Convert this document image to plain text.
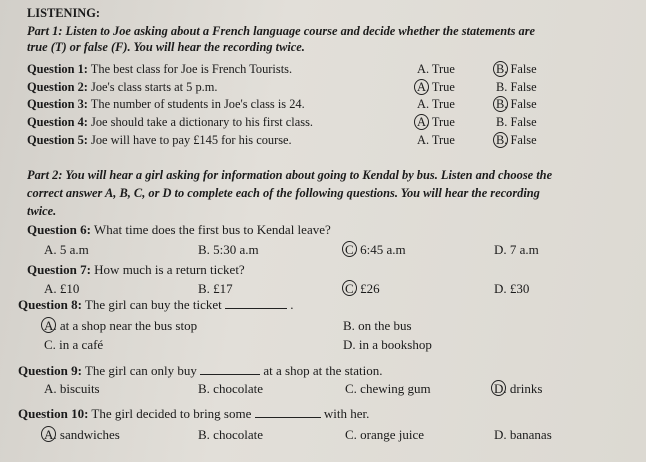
LISTENING:
Part 1: Listen to Joe asking about a French language course and decide whether the statements are
true (T) or false (F). You will hear the recording twice.
Question 1: The best class for Joe is French Tourists.	A. True	B. False
Question 2: Joe's class starts at 5 p.m.	A. True	B. False
Question 3: The number of students in Joe's class is 24.	A. True	B. False
Question 4: Joe should take a dictionary to his first class.	A. True	B. False
Question 5: Joe will have to pay £145 for his course.	A. True	B. False
Part 2: You will hear a girl asking for information about going to Kendal by bus. Listen and choose the
correct answer A, B, C, or D to complete each of the following questions. You will hear the recording
twice.
Question 6: What time does the first bus to Kendal leave?
A. 5 a.m	B. 5:30 a.m	C. 6:45 a.m	D. 7 a.m
Question 7: How much is a return ticket?
A. £10	B. £17	C. £26	D. £30
Question 8: The girl can buy the ticket	.
A. at a shop near the bus stop	B. on the bus
C. in a café	D. in a bookshop
Question 9: The girl can only buy	at a shop at the station.
A. biscuits	B. chocolate	C. chewing gum	D. drinks
Question 10: The girl decided to bring some	with her.
A. sandwiches	B. chocolate	C. orange juice	D. bananas
